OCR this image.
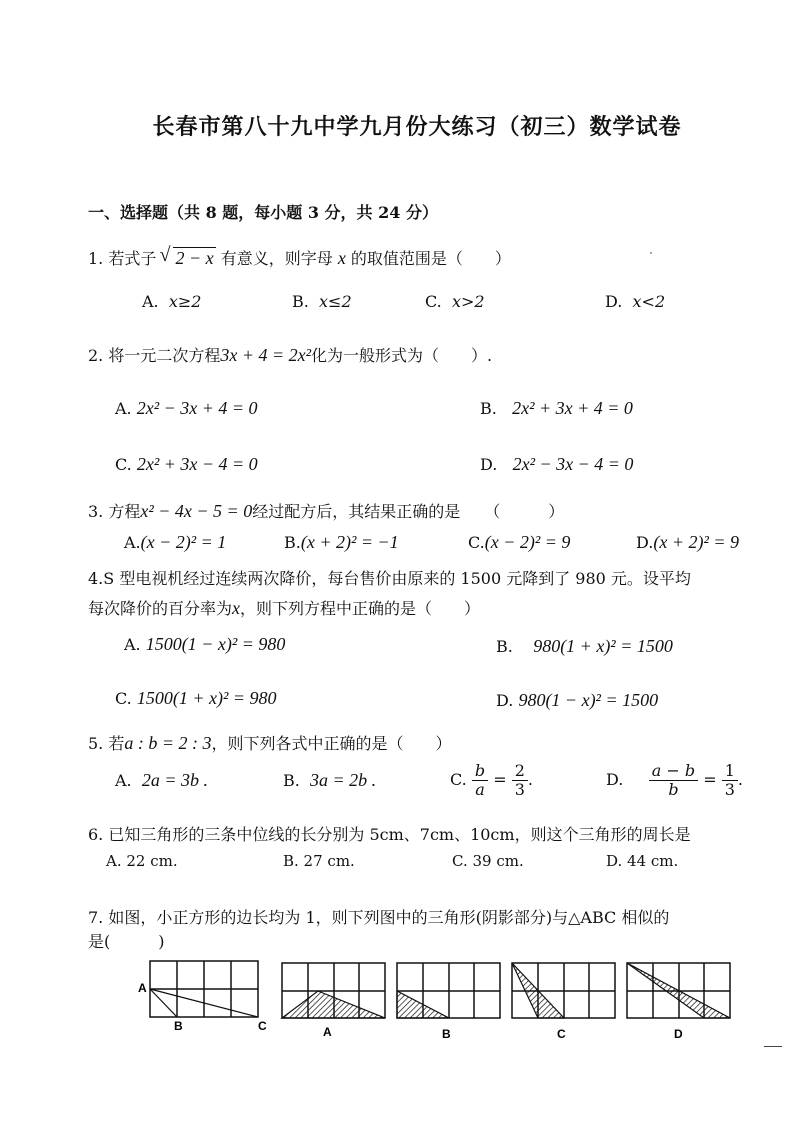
长春市第八十九中学九月份大练习（初三）数学试卷
一、选择题（共 8 题，每小题 3 分，共 24 分）
1. 若式子 √ 2 − x 有意义，则字母 x 的取值范围是（　　）
A. x≥2	B. x≤2	C. x>2	D. x<2
2. 将一元二次方程3x + 4 = 2x²化为一般形式为（　　）.
A. 2x² − 3x + 4 = 0	B. 2x² + 3x + 4 = 0
C. 2x² + 3x − 4 = 0	D. 2x² − 3x − 4 = 0
3. 方程x² − 4x − 5 = 0经过配方后，其结果正确的是　　（　　　）
A.(x − 2)² = 1	B.(x + 2)² = −1	C.(x − 2)² = 9	D.(x + 2)² = 9
4.S 型电视机经过连续两次降价，每台售价由原来的 1500 元降到了 980 元。设平均
每次降价的百分率为x，则下列方程中正确的是（　　）
A. 1500(1 − x)² = 980	B. 980(1 + x)² = 1500
C. 1500(1 + x)² = 980	D. 980(1 − x)² = 1500
5. 若a : b = 2 : 3，则下列各式中正确的是（　　）
A. 2a = 3b .	B. 3a = 2b .	C. $\frac{b}{a} = \frac{2}{3}$ .	D. $\frac{a - b}{b} = \frac{1}{3}$ .
6. 已知三角形的三条中位线的长分别为 5cm、7cm、10cm，则这个三角形的周长是
A. 22 cm.	B. 27 cm.	C. 39 cm.	D. 44 cm.
7. 如图，小正方形的边长均为 1，则下列图中的三角形(阴影部分)与△ABC 相似的
是(　　　)
A
B	C	A	B	C	D
